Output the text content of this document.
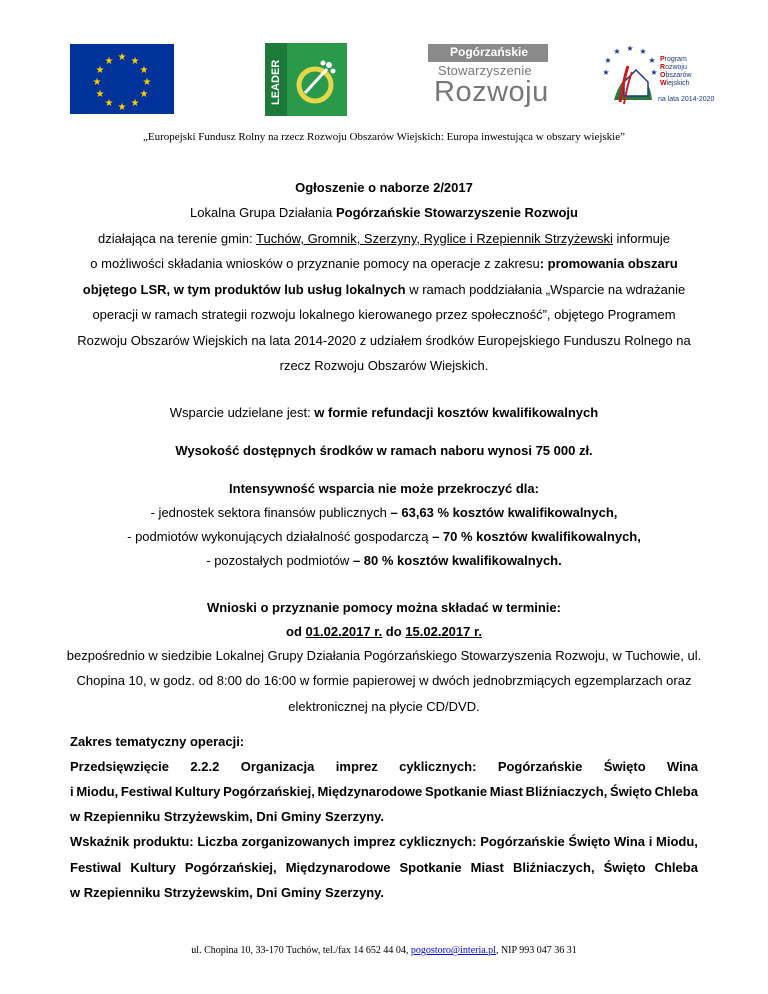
★ ★
★
★
★
★
★
★
★
★
★
★	LEADER
Pogórzańskie
Stowarzyszenie
Rozwoju
★ ★
★
★
★
★	★
Program
Rozwoju
Obszarów
Wiejskich
na lata 2014-2020
„Europejski Fundusz Rolny na rzecz Rozwoju Obszarów Wiejskich: Europa inwestująca w obszary wiejskie”
Ogłoszenie o naborze 2/2017
Lokalna Grupa Działania Pogórzańskie Stowarzyszenie Rozwoju
działająca na terenie gmin: Tuchów, Gromnik, Szerzyny, Ryglice i Rzepiennik Strzyżewski informuje
o możliwości składania wniosków o przyznanie pomocy na operacje z zakresu: promowania obszaru
objętego LSR, w tym produktów lub usług lokalnych w ramach poddziałania „Wsparcie na wdrażanie
operacji w ramach strategii rozwoju lokalnego kierowanego przez społeczność”, objętego Programem
Rozwoju Obszarów Wiejskich na lata 2014-2020 z udziałem środków Europejskiego Funduszu Rolnego na
rzecz Rozwoju Obszarów Wiejskich.
Wsparcie udzielane jest: w formie refundacji kosztów kwalifikowalnych
Wysokość dostępnych środków w ramach naboru wynosi 75 000 zł.
Intensywność wsparcia nie może przekroczyć dla:
- jednostek sektora finansów publicznych – 63,63 % kosztów kwalifikowalnych,
- podmiotów wykonujących działalność gospodarczą – 70 % kosztów kwalifikowalnych,
- pozostałych podmiotów – 80 % kosztów kwalifikowalnych.
Wnioski o przyznanie pomocy można składać w terminie:
od 01.02.2017 r. do 15.02.2017 r.
bezpośrednio w siedzibie Lokalnej Grupy Działania Pogórzańskiego Stowarzyszenia Rozwoju, w Tuchowie, ul.
Chopina 10, w godz. od 8:00 do 16:00 w formie papierowej w dwóch jednobrzmiących egzemplarzach oraz
elektronicznej na płycie CD/DVD.
Zakres tematyczny operacji:
Przedsięwzięcie 2.2.2 Organizacja imprez cyklicznych: Pogórzańskie Święto Wina
i Miodu, Festiwal Kultury Pogórzańskiej, Międzynarodowe Spotkanie Miast Bliźniaczych, Święto Chleba
w Rzepienniku Strzyżewskim, Dni Gminy Szerzyny.
Wskaźnik produktu: Liczba zorganizowanych imprez cyklicznych: Pogórzańskie Święto Wina i Miodu,
Festiwal Kultury Pogórzańskiej, Międzynarodowe Spotkanie Miast Bliźniaczych, Święto Chleba
w Rzepienniku Strzyżewskim, Dni Gminy Szerzyny.
ul. Chopina 10, 33-170 Tuchów, tel./fax 14 652 44 04, pogostoro@interia.pl, NIP 993 047 36 31
